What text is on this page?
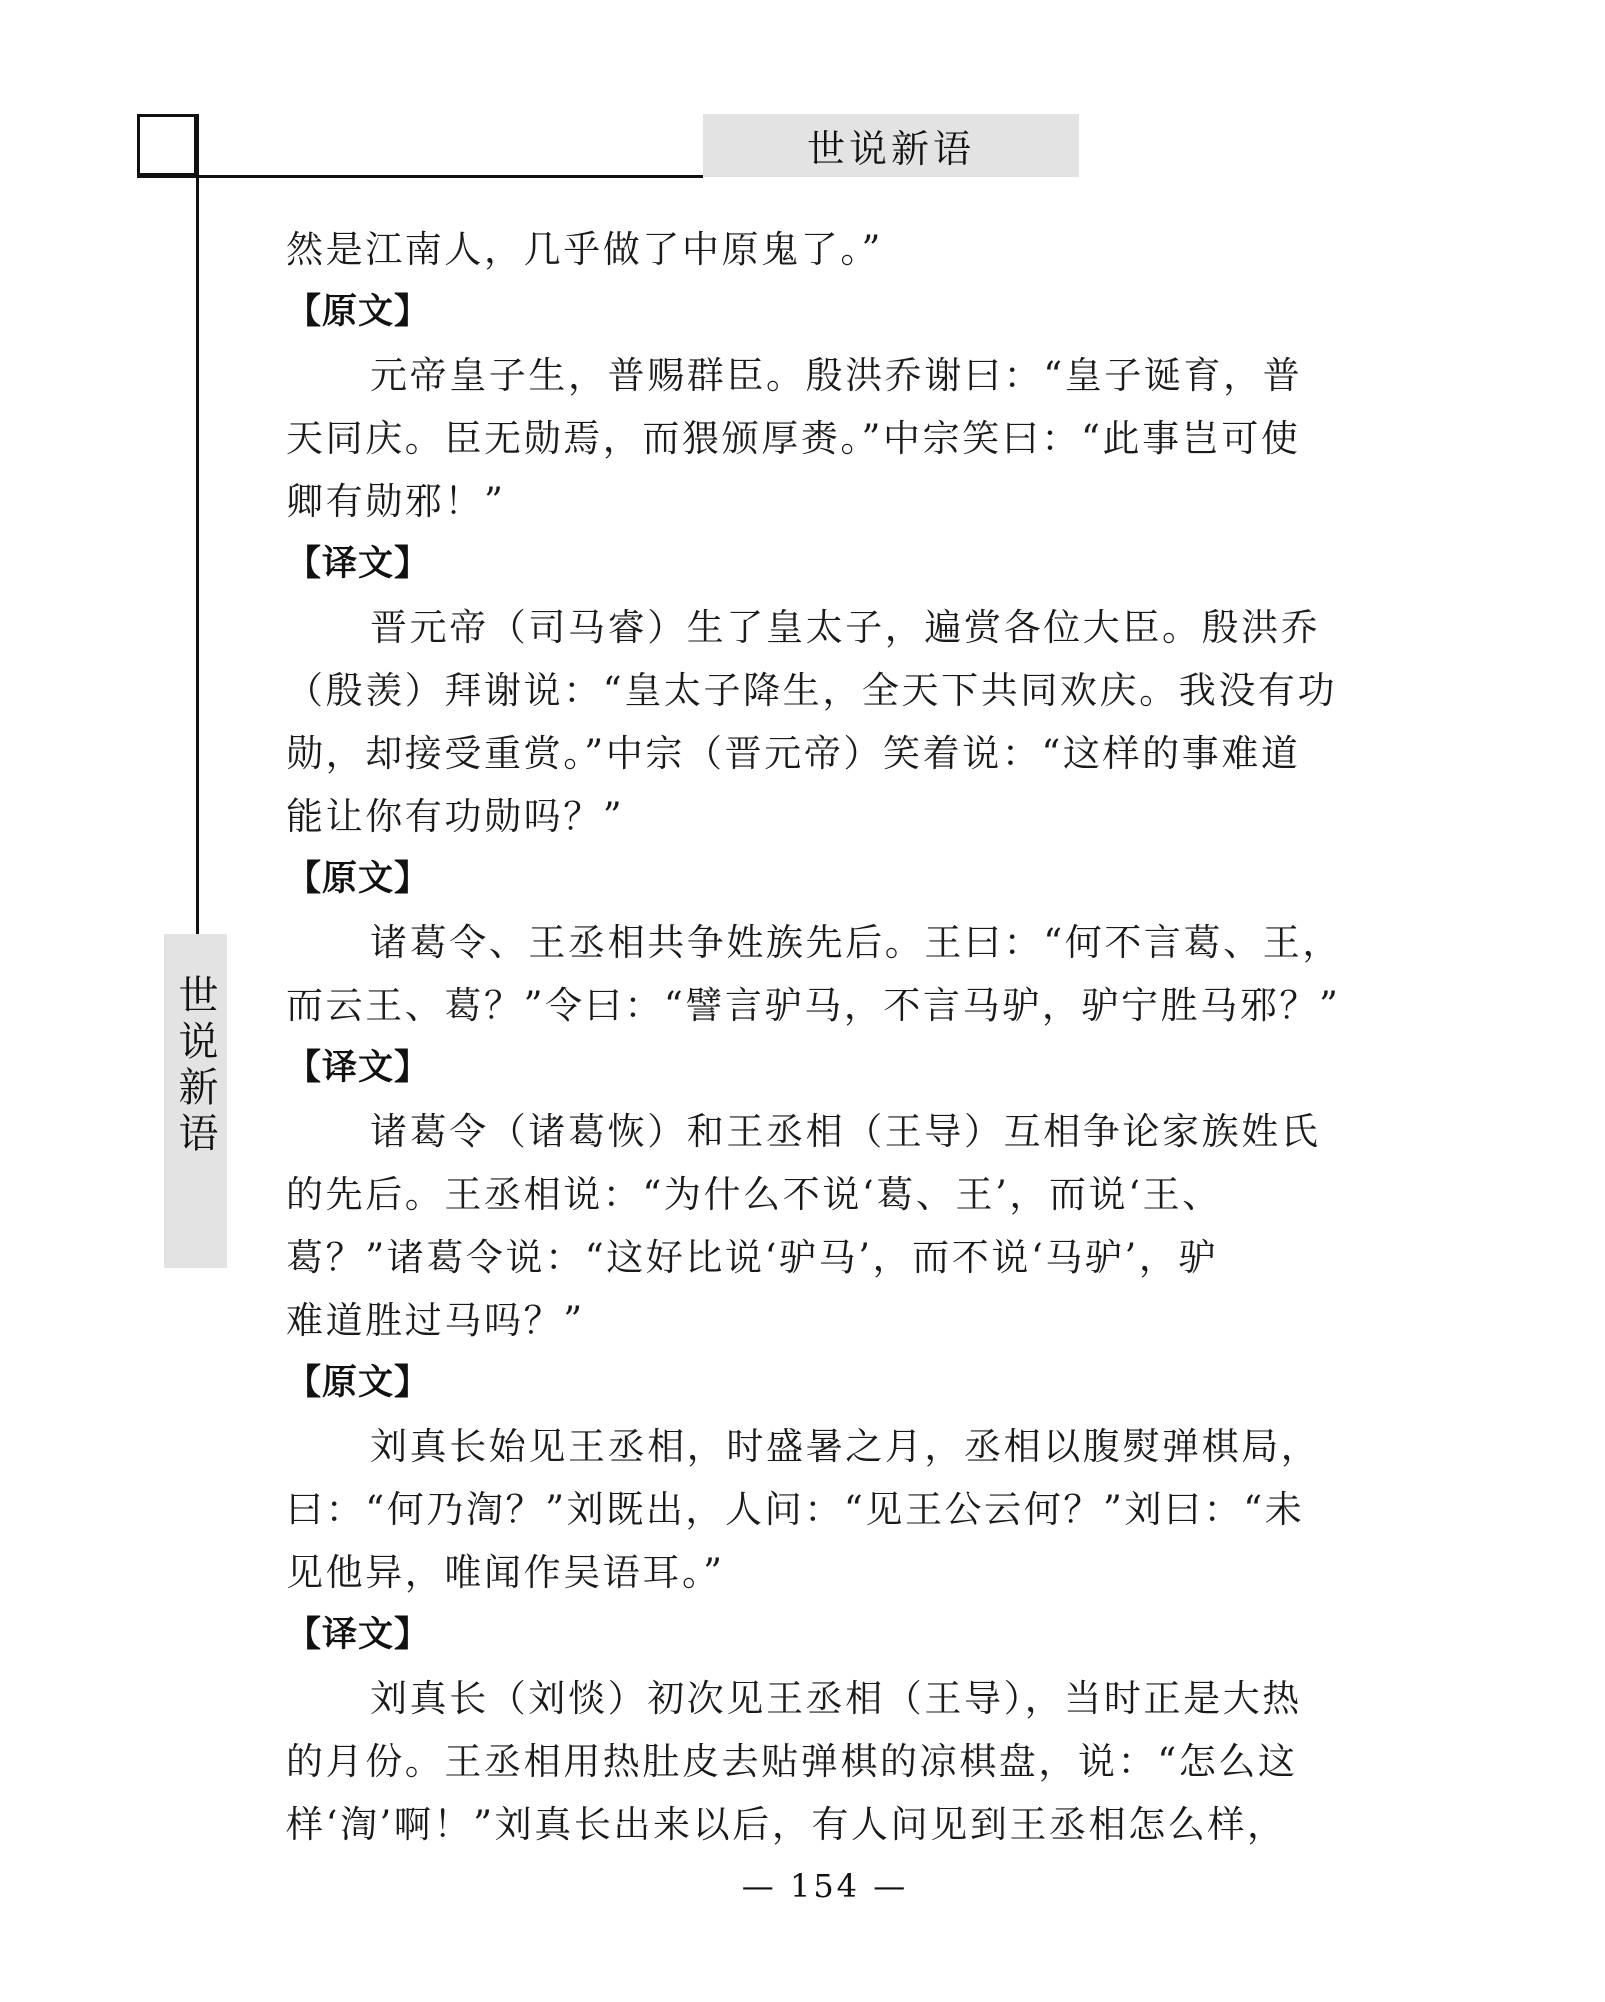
世说新语
世说新语
然是江南人，几乎做了中原鬼了。”
【原文】
元帝皇子生，普赐群臣。殷洪乔谢曰：“皇子诞育，普
天同庆。臣无勋焉，而猥颁厚赉。”中宗笑曰：“此事岂可使
卿有勋邪！”
【译文】
晋元帝（司马睿）生了皇太子，遍赏各位大臣。殷洪乔
（殷羡）拜谢说：“皇太子降生，全天下共同欢庆。我没有功
勋，却接受重赏。”中宗（晋元帝）笑着说：“这样的事难道
能让你有功勋吗？”
【原文】
诸葛令、王丞相共争姓族先后。王曰：“何不言葛、王，
而云王、葛？”令曰：“譬言驴马，不言马驴，驴宁胜马邪？”
【译文】
诸葛令（诸葛恢）和王丞相（王导）互相争论家族姓氏
的先后。王丞相说：“为什么不说‘葛、王’，而说‘王、
葛？”诸葛令说：“这好比说‘驴马’，而不说‘马驴’，驴
难道胜过马吗？”
【原文】
刘真长始见王丞相，时盛暑之月，丞相以腹熨弹棋局，
曰：“何乃渹？”刘既出，人问：“见王公云何？”刘曰：“未
见他异，唯闻作吴语耳。”
【译文】
刘真长（刘惔）初次见王丞相（王导），当时正是大热
的月份。王丞相用热肚皮去贴弹棋的凉棋盘，说：“怎么这
样‘渹’啊！”刘真长出来以后，有人问见到王丞相怎么样，
— 154 —
